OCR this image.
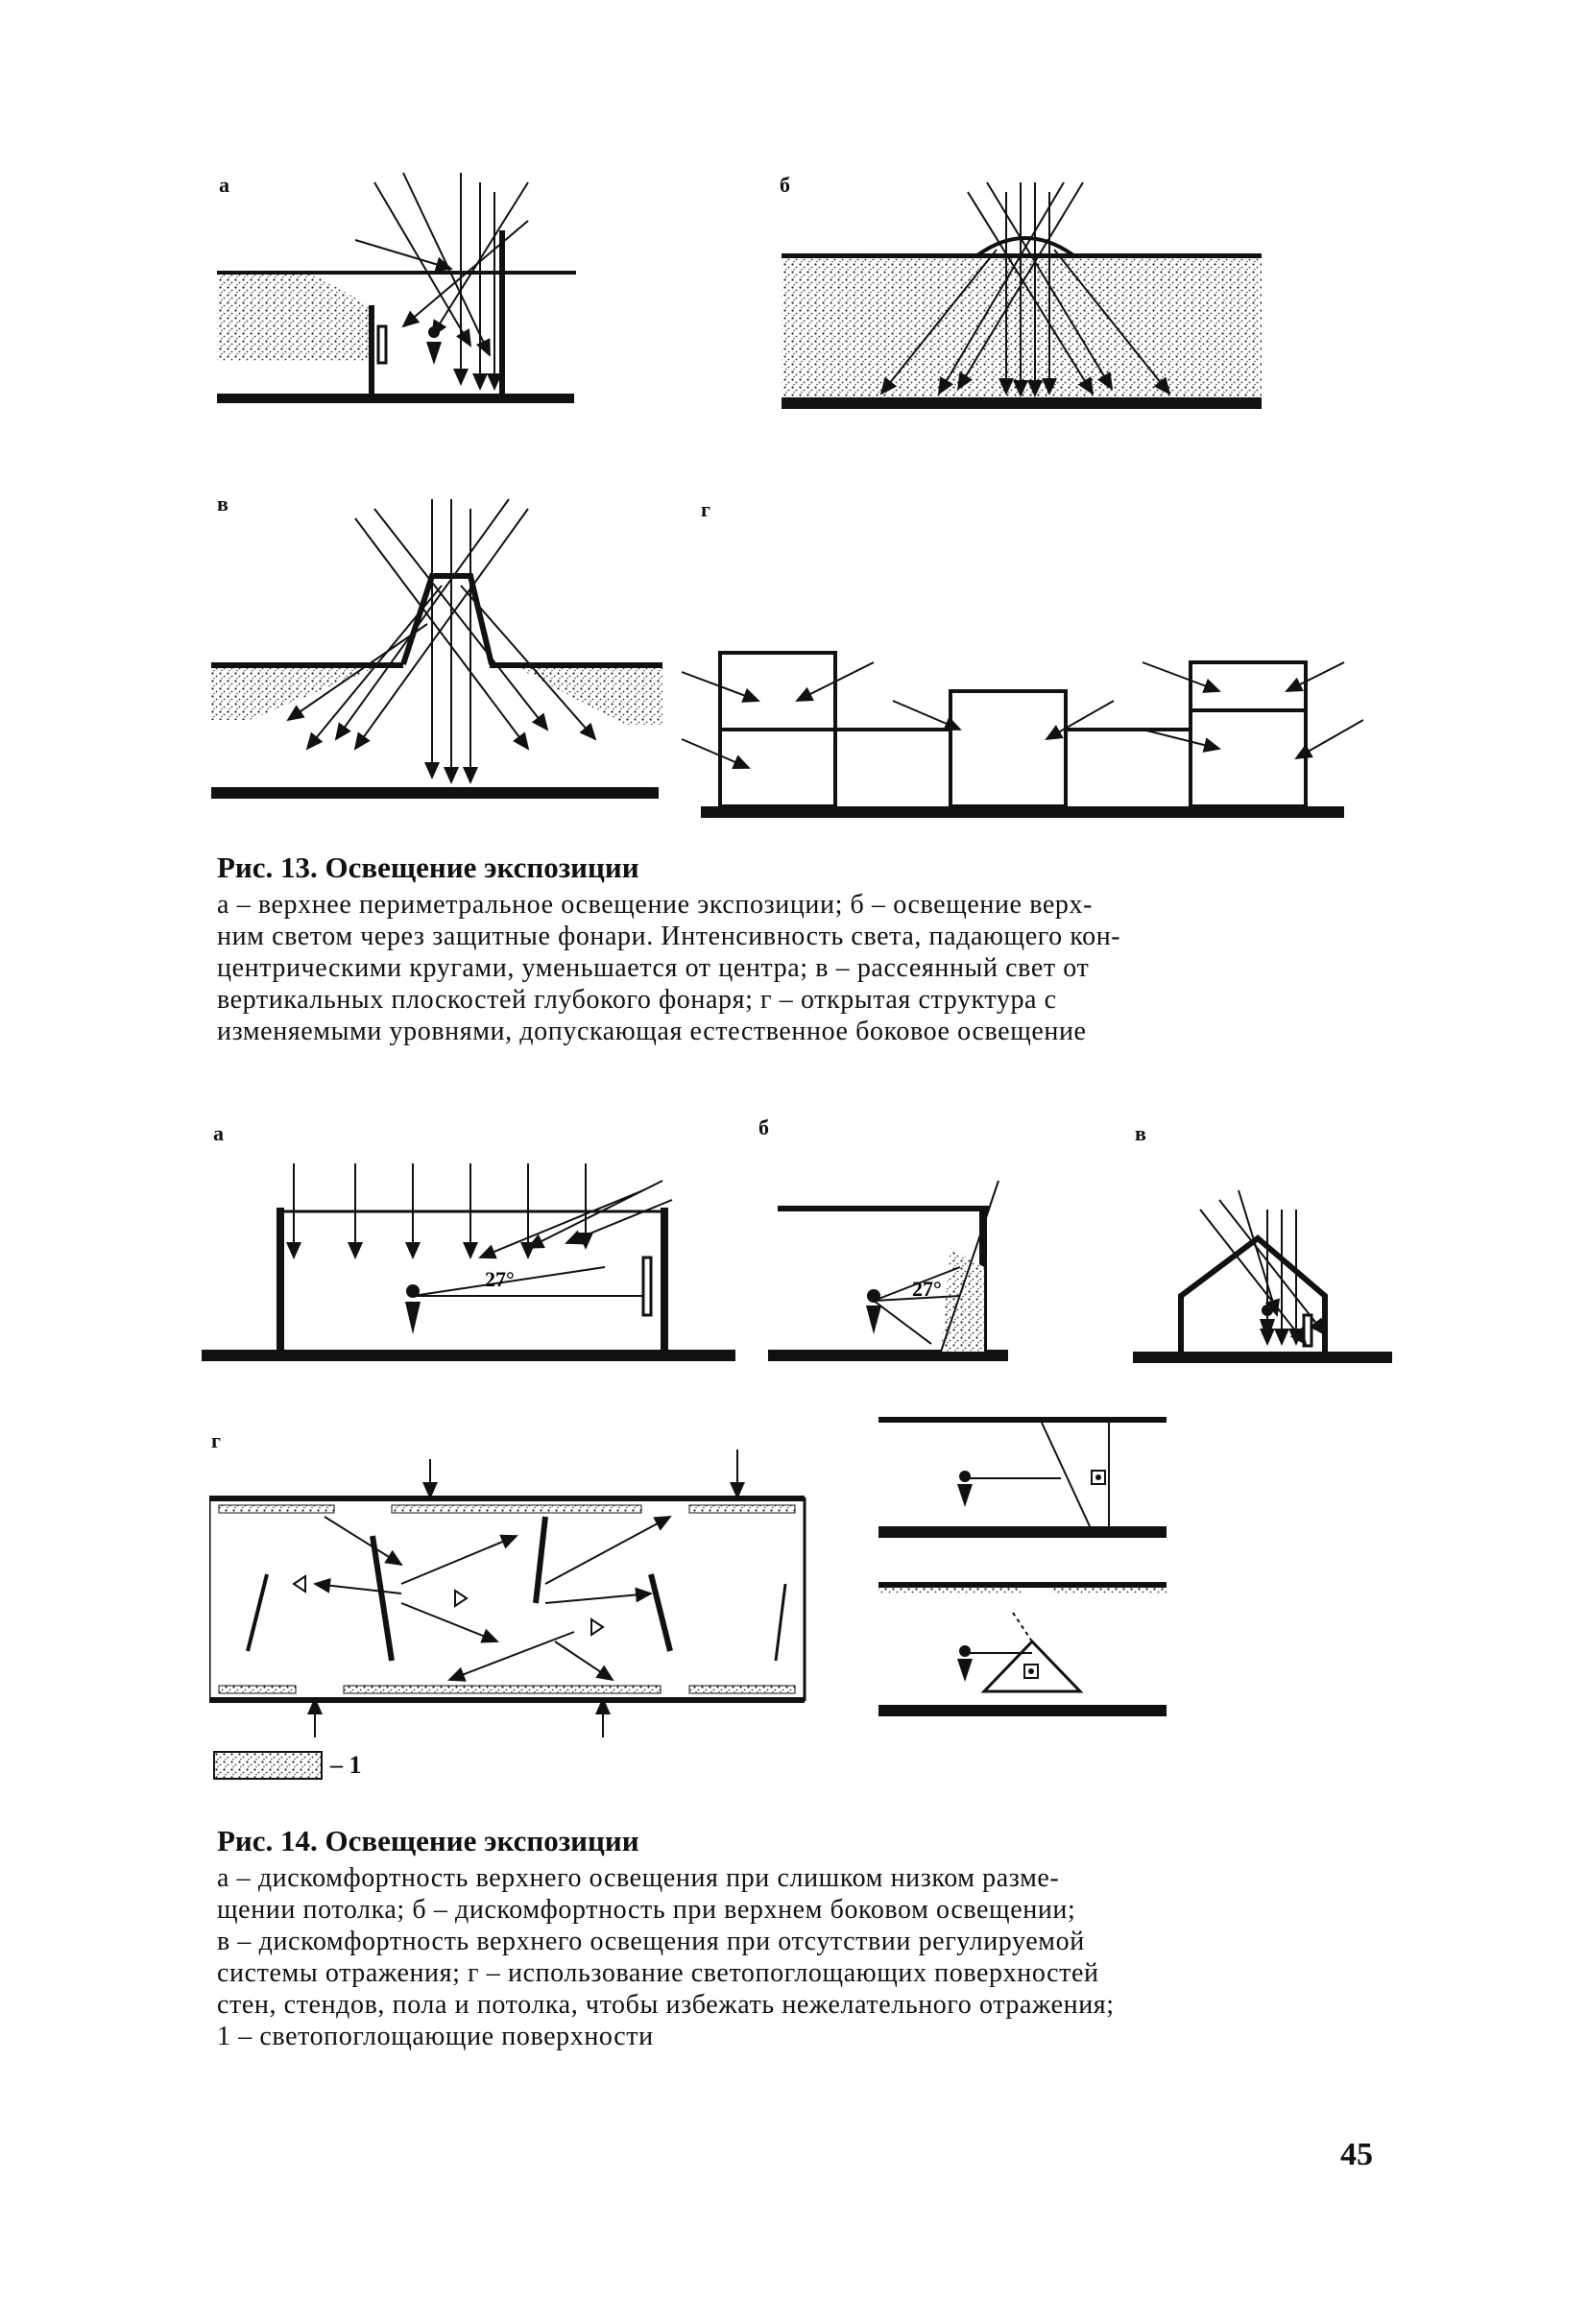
а	б
в	г

Рис. 13. Освещение экспозиции

а – верхнее периметральное освещение экспозиции; б – освещение верх-

ним светом через защитные фонари. Интенсивность света, падающего кон-

центрическими кругами, уменьшается от центра; в – рассеянный свет от

вертикальных плоскостей глубокого фонаря; г – открытая структура с

изменяемыми уровнями, допускающая естественное боковое освещение

а	б	в
г
27°	27°
– 1

Рис. 14. Освещение экспозиции

а – дискомфортность верхнего освещения при слишком низком разме-

щении потолка; б – дискомфортность при верхнем боковом освещении;

в – дискомфортность верхнего освещения при отсутствии регулируемой

системы отражения; г – использование светопоглощающих поверхностей

стен, стендов, пола и потолка, чтобы избежать нежелательного отражения;

1 – светопоглощающие поверхности

45
